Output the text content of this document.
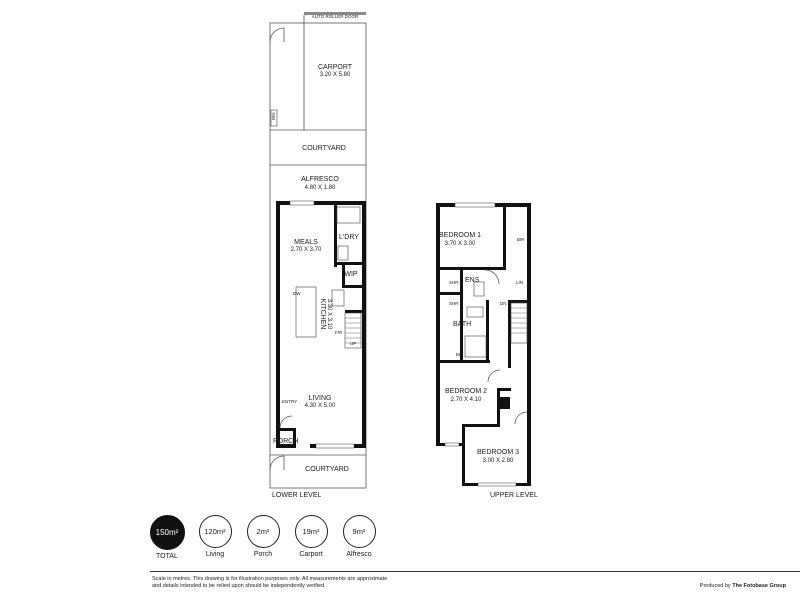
AUTO ROLLER DOOR
CARPORT
3.20 X 5.80
COURTYARD
ALFRESCO
4.80 X 1.80
MEALS
2.70 X 3.70
L'DRY
WIP
KITCHEN 3.30 X 3.10
LIVING
4.30 X 5.00
ENTRY
PORCH
COURTYARD
BIN
DW
F/R
UP
LOWER LEVEL
BEDROOM 1
3.70 X 3.00
BIR
ENS
SHR
SHR
LIN
DN
BATH
BIR
BEDROOM 2
2.70 X 4.10
DR
BEDROOM 3
3.00 X 2.80
UPPER LEVEL
150m²
TOTAL
120m²
Living
2m²
Porch
19m²
Carport
9m²
Alfresco
Scale in metres. This drawing is for illustration purposes only. All measurements are approximate and details intended to be relied upon should be independently verified.	Produced by The Fotobase Group
